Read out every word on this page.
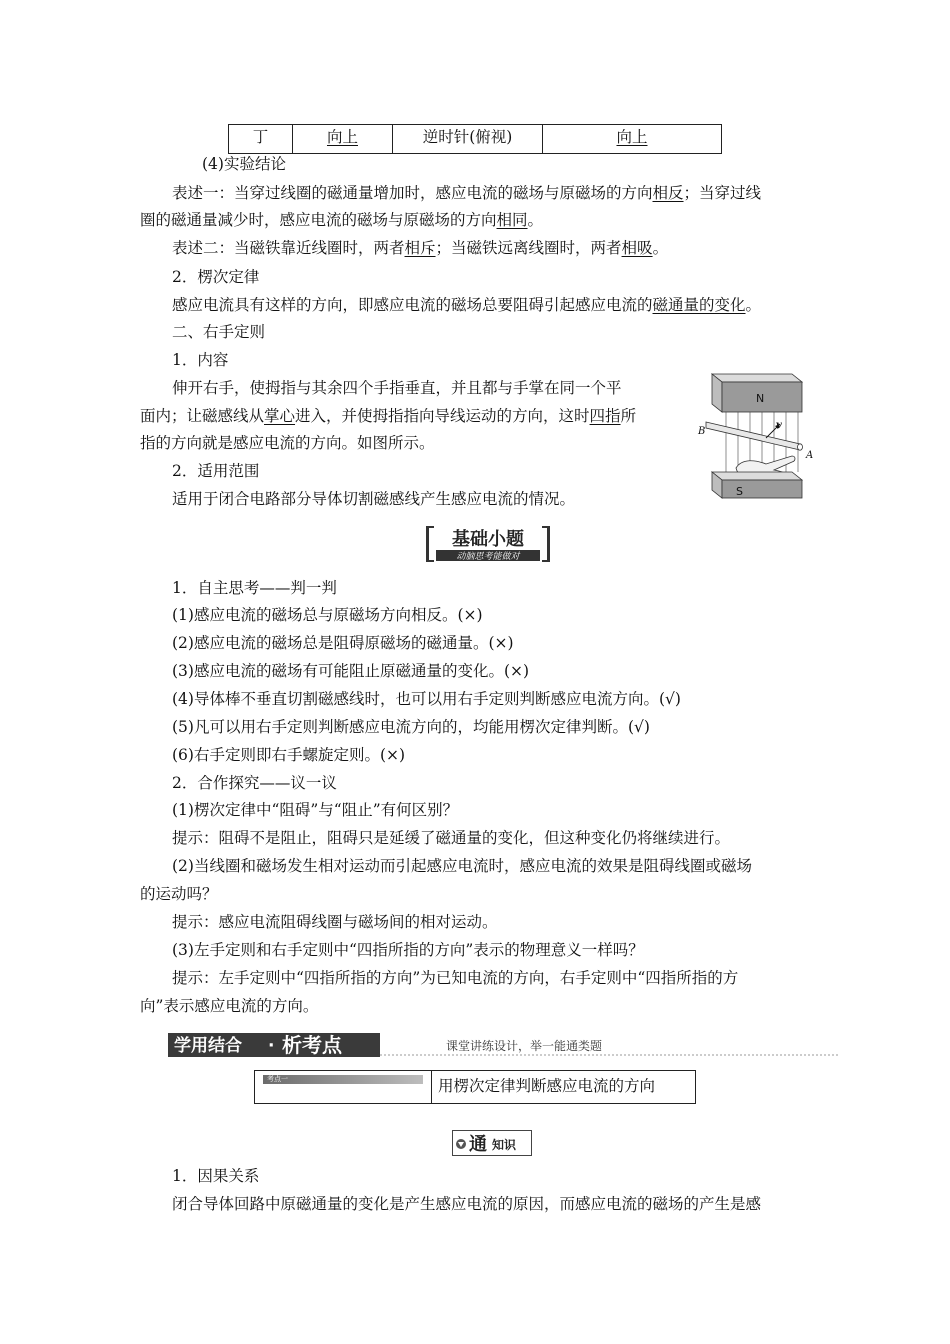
丁	向上	逆时针(俯视)	向上
(4)实验结论
表述一：当穿过线圈的磁通量增加时，感应电流的磁场与原磁场的方向相反；当穿过线
圈的磁通量减少时，感应电流的磁场与原磁场的方向相同。
表述二：当磁铁靠近线圈时，两者相斥；当磁铁远离线圈时，两者相吸。
2．楞次定律
感应电流具有这样的方向，即感应电流的磁场总要阻碍引起感应电流的磁通量的变化。
二、右手定则
1．内容
伸开右手，使拇指与其余四个手指垂直，并且都与手掌在同一个平
面内；让磁感线从掌心进入，并使拇指指向导线运动的方向，这时四指所
指的方向就是感应电流的方向。如图所示。
2．适用范围
适用于闭合电路部分导体切割磁感线产生感应电流的情况。
N
B
A
v
S
基础小题
动脑思考能做对
1．自主思考——判一判
(1)感应电流的磁场总与原磁场方向相反。(×)
(2)感应电流的磁场总是阻碍原磁场的磁通量。(×)
(3)感应电流的磁场有可能阻止原磁通量的变化。(×)
(4)导体棒不垂直切割磁感线时，也可以用右手定则判断感应电流方向。(√)
(5)凡可以用右手定则判断感应电流方向的，均能用楞次定律判断。(√)
(6)右手定则即右手螺旋定则。(×)
2．合作探究——议一议
(1)楞次定律中“阻碍”与“阻止”有何区别？
提示：阻碍不是阻止，阻碍只是延缓了磁通量的变化，但这种变化仍将继续进行。
(2)当线圈和磁场发生相对运动而引起感应电流时，感应电流的效果是阻碍线圈或磁场
的运动吗？
提示：感应电流阻碍线圈与磁场间的相对运动。
(3)左手定则和右手定则中“四指所指的方向”表示的物理意义一样吗？
提示：左手定则中“四指所指的方向”为已知电流的方向，右手定则中“四指所指的方
向”表示感应电流的方向。
学用结合 · 析考点	课堂讲练设计，举一能通类题
考点一	用楞次定律判断感应电流的方向
通 知识
1．因果关系
闭合导体回路中原磁通量的变化是产生感应电流的原因，而感应电流的磁场的产生是感
